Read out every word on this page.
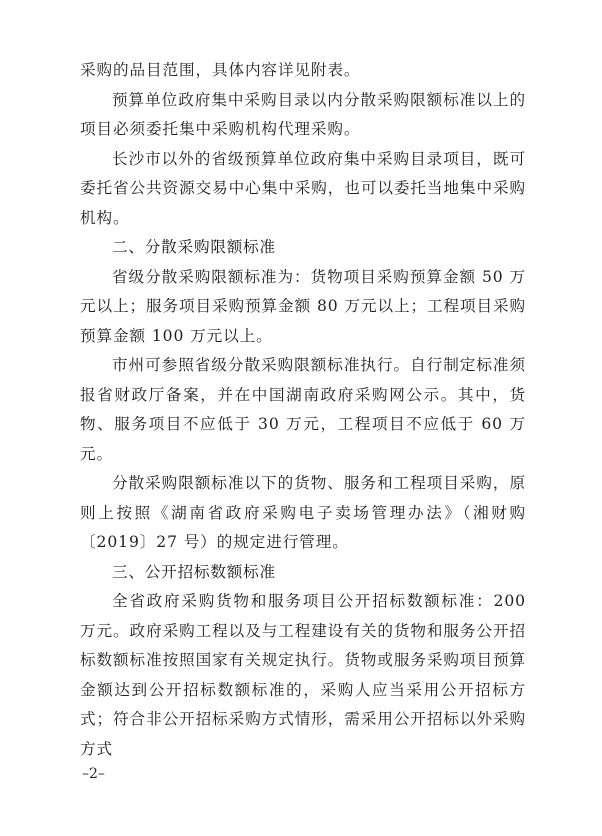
采购的品目范围，具体内容详见附表。

预算单位政府集中采购目录以内分散采购限额标准以上的项目必须委托集中采购机构代理采购。

长沙市以外的省级预算单位政府集中采购目录项目，既可委托省公共资源交易中心集中采购，也可以委托当地集中采购机构。

二、分散采购限额标准

省级分散采购限额标准为：货物项目采购预算金额 50 万元以上；服务项目采购预算金额 80 万元以上；工程项目采购预算金额 100 万元以上。

市州可参照省级分散采购限额标准执行。自行制定标准须报省财政厅备案，并在中国湖南政府采购网公示。其中，货物、服务项目不应低于 30 万元，工程项目不应低于 60 万元。

分散采购限额标准以下的货物、服务和工程项目采购，原则上按照《湖南省政府采购电子卖场管理办法》（湘财购〔2019〕27 号）的规定进行管理。

三、公开招标数额标准

全省政府采购货物和服务项目公开招标数额标准：200 万元。政府采购工程以及与工程建设有关的货物和服务公开招标数额标准按照国家有关规定执行。货物或服务采购项目预算金额达到公开招标数额标准的，采购人应当采用公开招标方式；符合非公开招标采购方式情形，需采用公开招标以外采购方式

–2–
